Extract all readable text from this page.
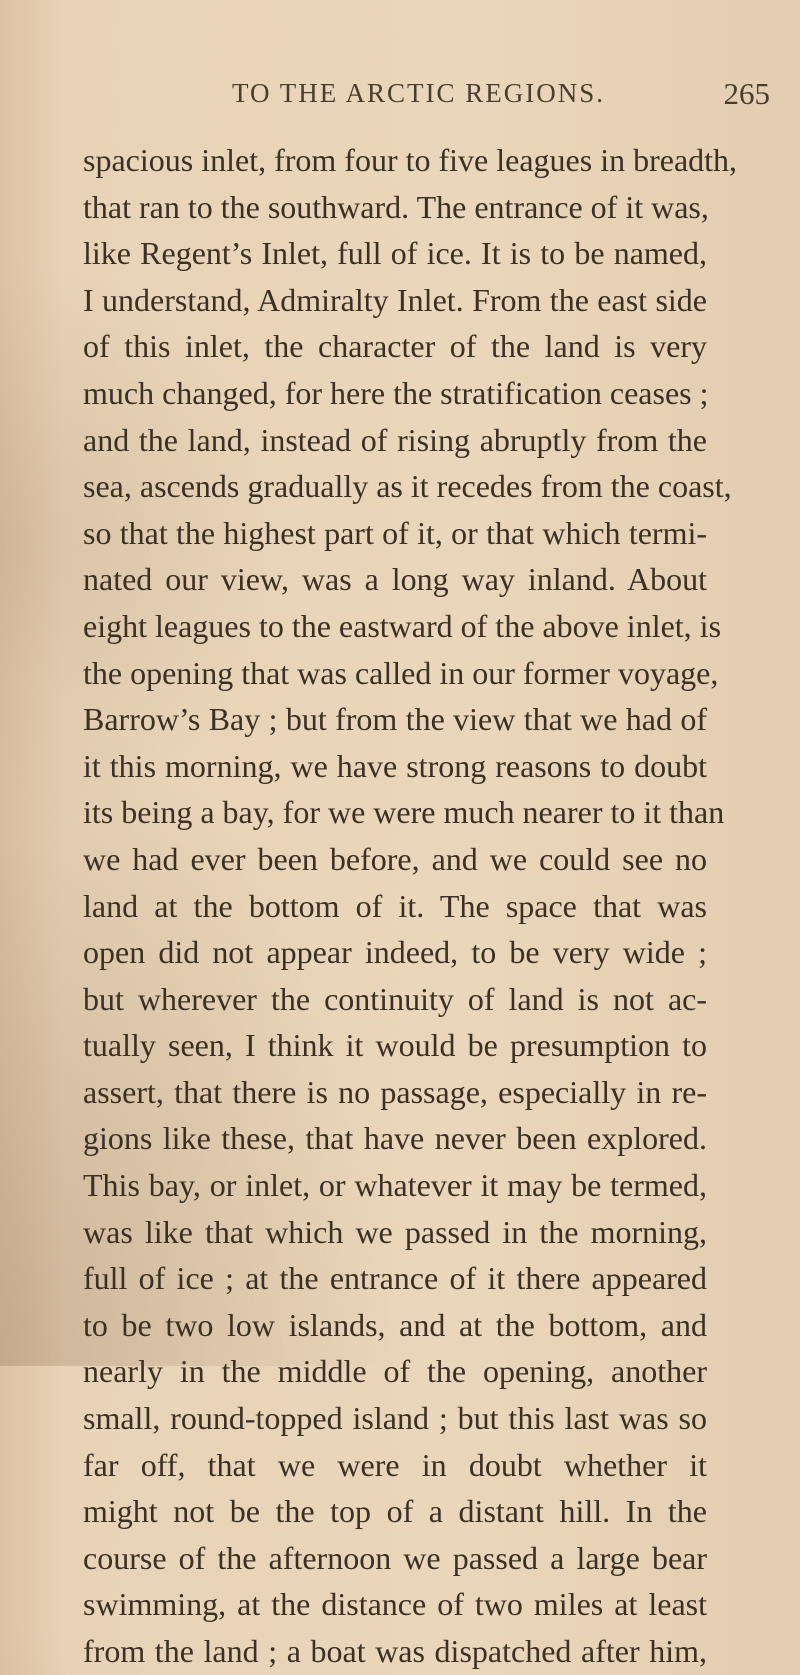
TO THE ARCTIC REGIONS.	265
spacious inlet, from four to five leagues in breadth,
that ran to the southward. The entrance of it was,
like Regent’s Inlet, full of ice. It is to be named,
I understand, Admiralty Inlet. From the east side
of this inlet, the character of the land is very
much changed, for here the stratification ceases ;
and the land, instead of rising abruptly from the
sea, ascends gradually as it recedes from the coast,
so that the highest part of it, or that which termi-
nated our view, was a long way inland. About
eight leagues to the eastward of the above inlet, is
the opening that was called in our former voyage,
Barrow’s Bay ; but from the view that we had of
it this morning, we have strong reasons to doubt
its being a bay, for we were much nearer to it than
we had ever been before, and we could see no
land at the bottom of it. The space that was
open did not appear indeed, to be very wide ;
but wherever the continuity of land is not ac-
tually seen, I think it would be presumption to
assert, that there is no passage, especially in re-
gions like these, that have never been explored.
This bay, or inlet, or whatever it may be termed,
was like that which we passed in the morning,
full of ice ; at the entrance of it there appeared
to be two low islands, and at the bottom, and
nearly in the middle of the opening, another
small, round-topped island ; but this last was so
far off, that we were in doubt whether it
might not be the top of a distant hill. In the
course of the afternoon we passed a large bear
swimming, at the distance of two miles at least
from the land ; a boat was dispatched after him,
